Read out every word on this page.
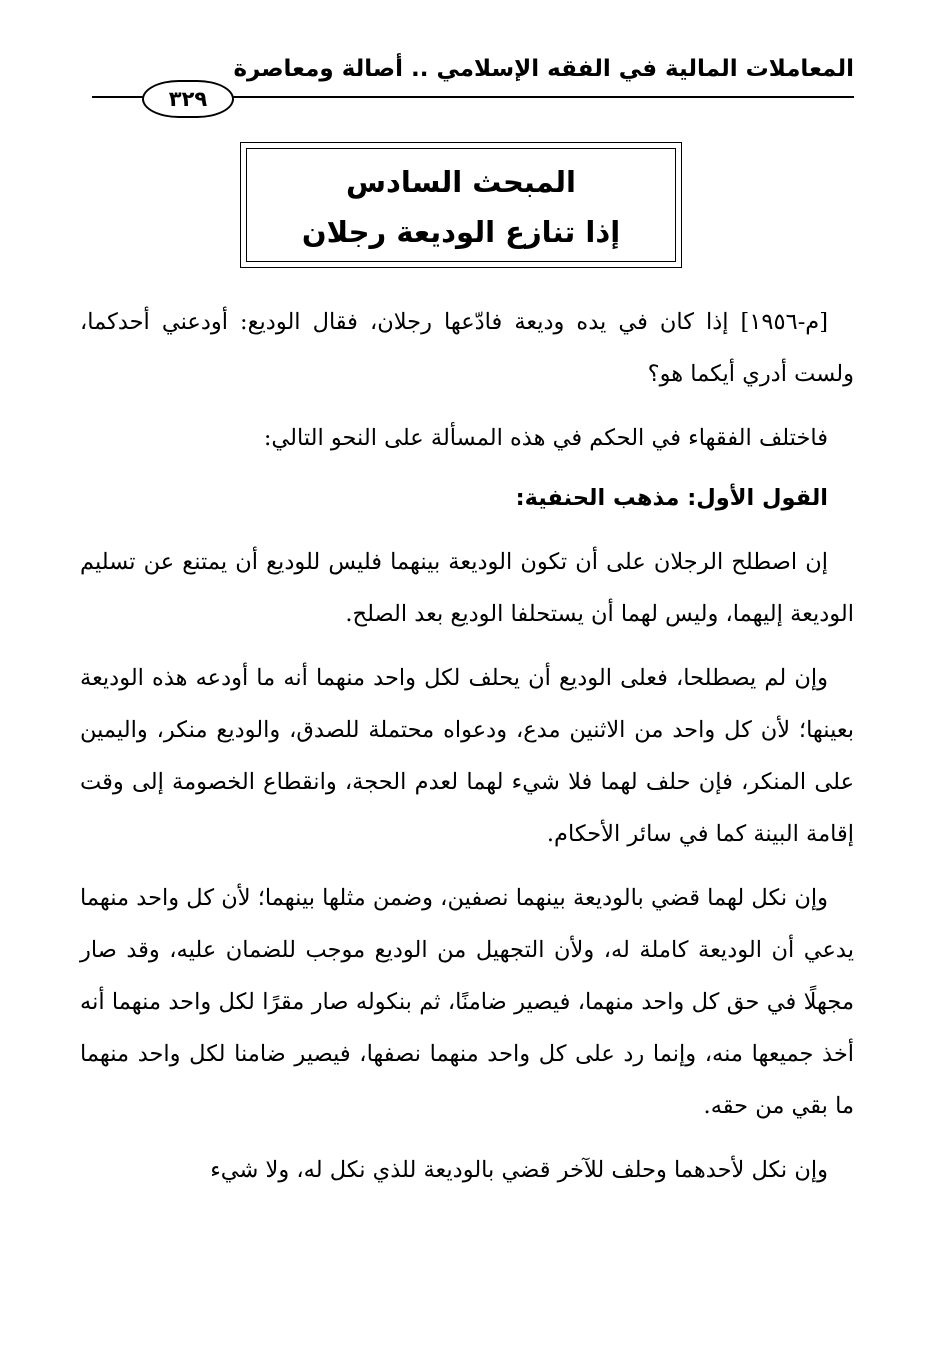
المعاملات المالية في الفقه الإسلامي .. أصالة ومعاصرة
٣٢٩
المبحث السادس
إذا تنازع الوديعة رجلان

[م-١٩٥٦] إذا كان في يده وديعة فادّعها رجلان، فقال الوديع: أودعني أحدكما، ولست أدري أيكما هو؟

فاختلف الفقهاء في الحكم في هذه المسألة على النحو التالي:

القول الأول: مذهب الحنفية:

إن اصطلح الرجلان على أن تكون الوديعة بينهما فليس للوديع أن يمتنع عن تسليم الوديعة إليهما، وليس لهما أن يستحلفا الوديع بعد الصلح.

وإن لم يصطلحا، فعلى الوديع أن يحلف لكل واحد منهما أنه ما أودعه هذه الوديعة بعينها؛ لأن كل واحد من الاثنين مدع، ودعواه محتملة للصدق، والوديع منكر، واليمين على المنكر، فإن حلف لهما فلا شيء لهما لعدم الحجة، وانقطاع الخصومة إلى وقت إقامة البينة كما في سائر الأحكام.

وإن نكل لهما قضي بالوديعة بينهما نصفين، وضمن مثلها بينهما؛ لأن كل واحد منهما يدعي أن الوديعة كاملة له، ولأن التجهيل من الوديع موجب للضمان عليه، وقد صار مجهلًا في حق كل واحد منهما، فيصير ضامنًا، ثم بنكوله صار مقرًا لكل واحد منهما أنه أخذ جميعها منه، وإنما رد على كل واحد منهما نصفها، فيصير ضامنا لكل واحد منهما ما بقي من حقه.

وإن نكل لأحدهما وحلف للآخر قضي بالوديعة للذي نكل له، ولا شيء
